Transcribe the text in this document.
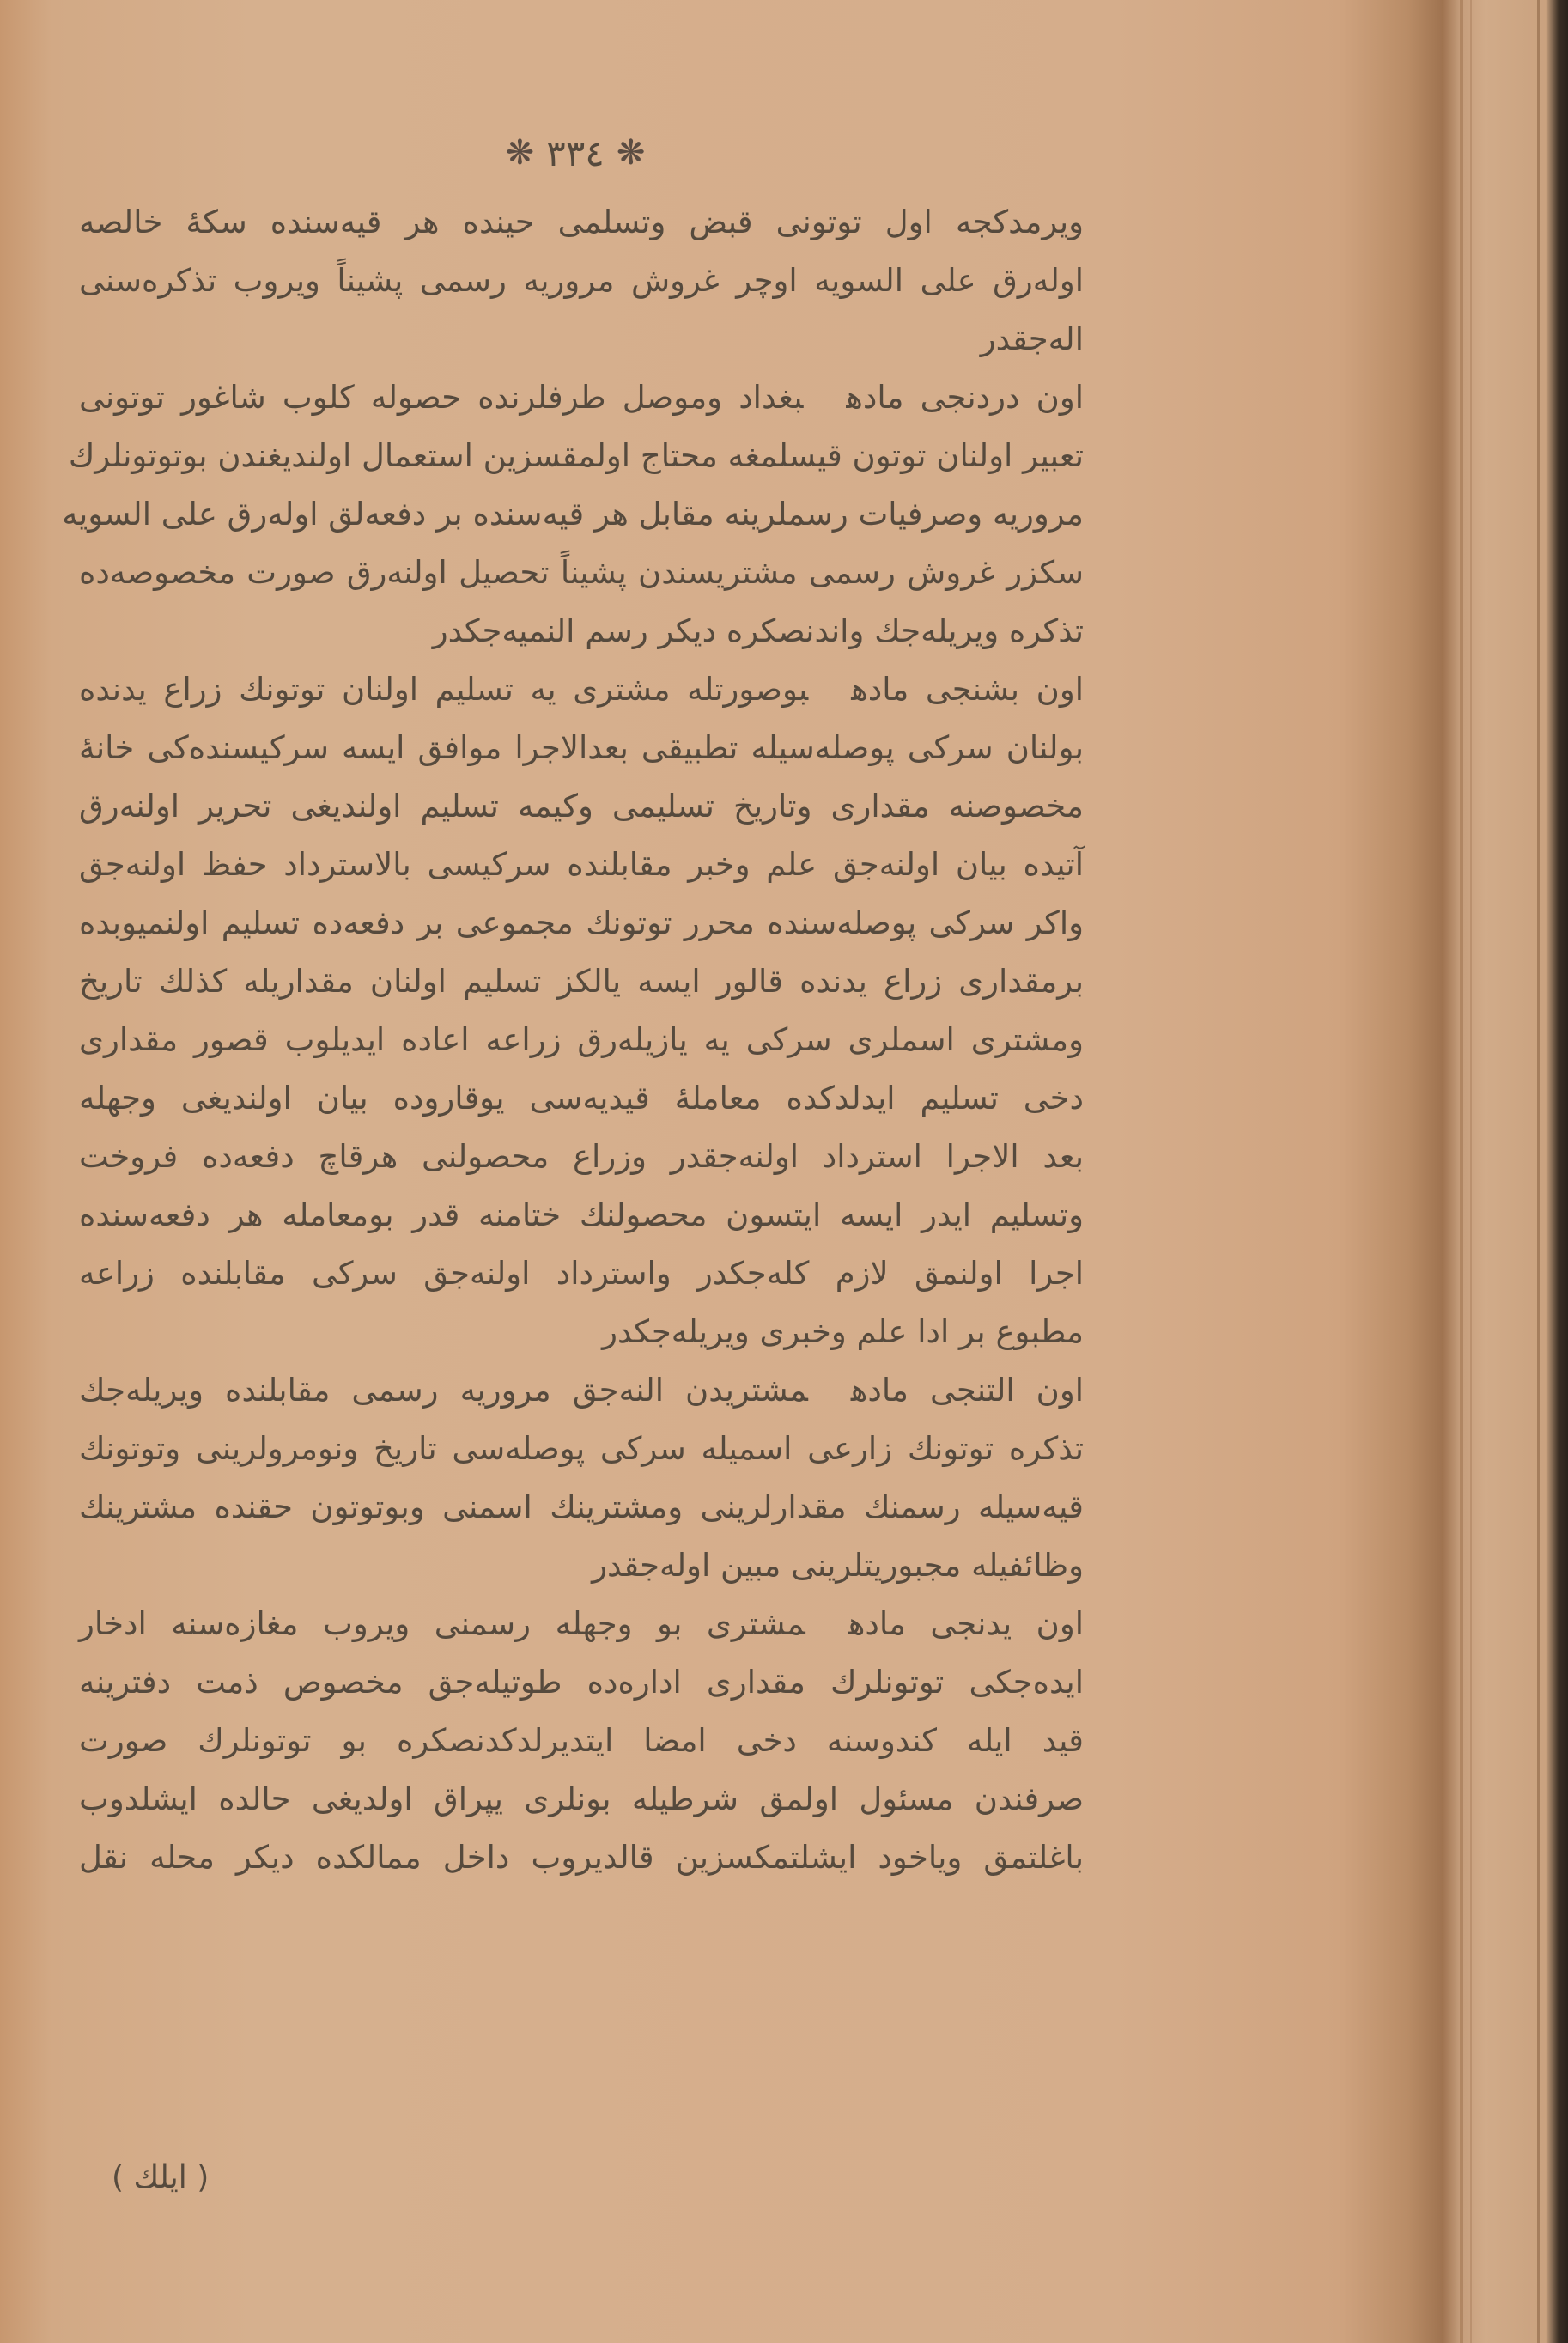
❋٣٣٤❋
ویرمدکجه اول توتونی قبض وتسلمی حینده هر قیه‌سنده سکهٔ خالصه
اوله‌رق علی السویه اوچر غروش مروریه رسمی پشیناً ویروب تذکره‌سنی
اله‌جقدر
اون دردنجی مادهبغداد وموصل طرفلرنده حصوله کلوب شاغور توتونی
تعبیر اولنان توتون قیسلمغه محتاج اولمقسزین استعمال اولندیغندن بوتوتونلرك
مروریه وصرفیات رسملرینه مقابل هر قیه‌سنده بر دفعه‌لق اوله‌رق علی السویه
سکزر غروش رسمی مشتریسندن پشیناً تحصیل اولنه‌رق صورت مخصوصه‌ده
تذکره ویریله‌جك واندنصکره دیکر رسم النمیه‌جکدر
اون بشنجی مادهبوصورتله مشتری یه تسلیم اولنان توتونك زراع یدنده
بولنان سرکی پوصله‌سیله تطبیقی بعدالاجرا موافق ایسه سرکیسنده‌کی خانهٔ
مخصوصنه مقداری وتاریخ تسلیمی وکیمه تسلیم اولندیغی تحریر اولنه‌رق
آتیده بیان اولنه‌جق علم وخبر مقابلنده سرکیسی بالاسترداد حفظ اولنه‌جق
واکر سرکی پوصله‌سنده محرر توتونك مجموعی بر دفعه‌ده تسلیم اولنمیوبده
برمقداری زراع یدنده قالور ایسه یالکز تسلیم اولنان مقداریله کذلك تاریخ
ومشتری اسملری سرکی یه یازیله‌رق زراعه اعاده ایدیلوب قصور مقداری
دخی تسلیم ایدلدکده معاملهٔ قیدیه‌سی یوقاروده بیان اولندیغی وجهله
بعد الاجرا استرداد اولنه‌جقدر وزراع محصولنی هرقاچ دفعه‌ده فروخت
وتسلیم ایدر ایسه ایتسون محصولنك ختامنه قدر بومعامله هر دفعه‌سنده
اجرا اولنمق لازم کله‌جکدر واسترداد اولنه‌جق سرکی مقابلنده زراعه
مطبوع بر ادا علم وخبری ویریله‌جکدر
اون التنجی مادهمشتریدن النه‌جق مروریه رسمی مقابلنده ویریله‌جك
تذکره توتونك زارعی اسمیله سرکی پوصله‌سی تاریخ ونومرولرینی وتوتونك
قیه‌سیله رسمنك مقدارلرینی ومشترینك اسمنی وبوتوتون حقنده مشترینك
وظائفیله مجبوریتلرینی مبین اوله‌جقدر
اون یدنجی مادهمشتری بو وجهله رسمنی ویروب مغازه‌سنه ادخار
ایده‌جکی توتونلرك مقداری اداره‌ده طوتیله‌جق مخصوص ذمت دفترینه
قید ایله کندوسنه دخی امضا ایتدیرلدکدنصکره بو توتونلرك صورت
صرفندن مسئول اولمق شرطیله بونلری یپراق اولدیغی حالده ایشلدوب
باغلتمق ویاخود ایشلتمکسزین قالدیروب داخل ممالکده دیکر محله نقل
( ایلك )
